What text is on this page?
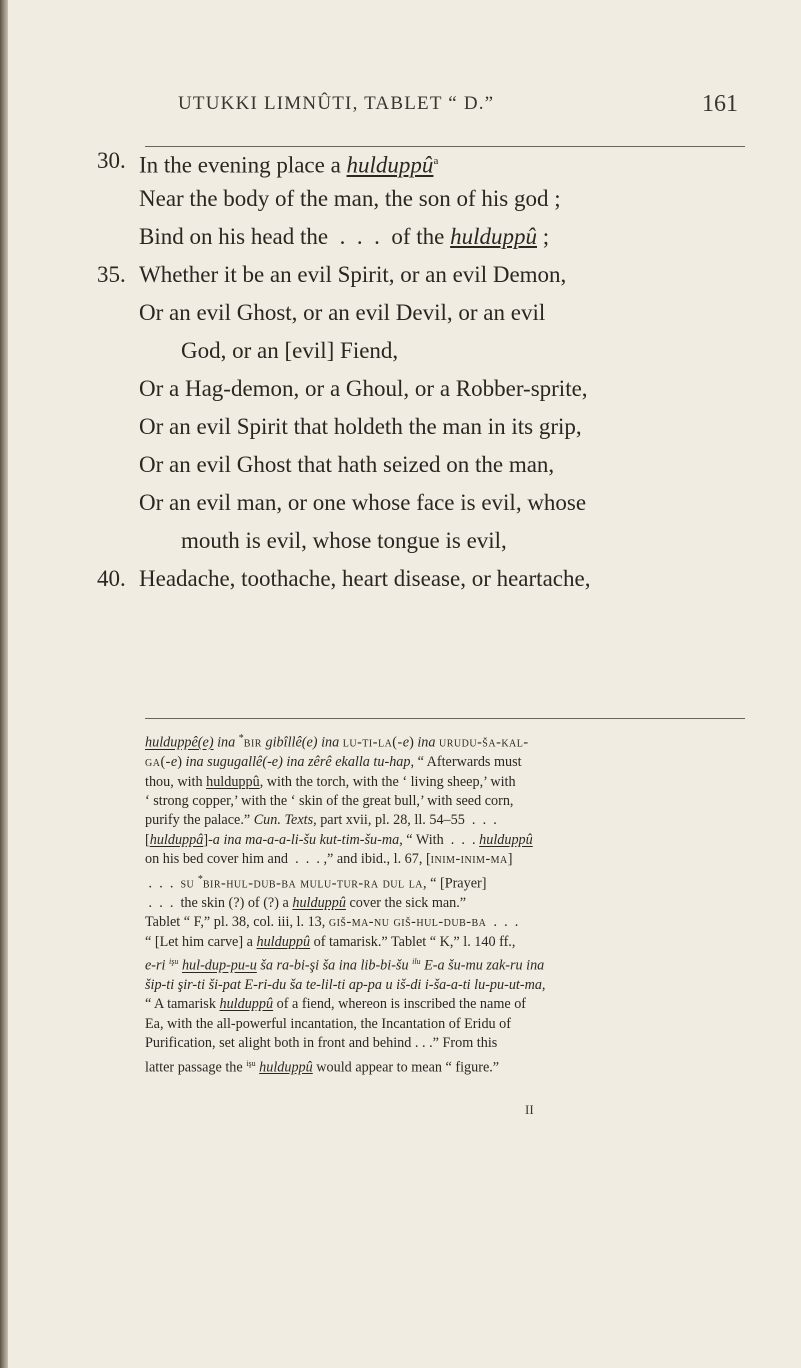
UTUKKI LIMNÛTI, TABLET “ D.”	161
30. In the evening place a hulduppû$^a$
Near the body of the man, the son of his god ;
Bind on his head the  .  .  .  of the hulduppû ;
35. Whether it be an evil Spirit, or an evil Demon,
Or an evil Ghost, or an evil Devil, or an evil
God, or an [evil] Fiend,
Or a Hag-demon, or a Ghoul, or a Robber-sprite,
Or an evil Spirit that holdeth the man in its grip,
Or an evil Ghost that hath seized on the man,
Or an evil man, or one whose face is evil, whose
mouth is evil, whose tongue is evil,
40. Headache, toothache, heart disease, or heartache,
hulduppê(e) ina *bir gibîllê(e) ina lu-ti-la(-e) ina urudu-ša-kal-
ga(-e) ina sugugallê(-e) ina zêrê ekalla tu-hap, “ Afterwards must
thou, with hulduppû, with the torch, with the ‘ living sheep,’ with
‘ strong copper,’ with the ‘ skin of the great bull,’ with seed corn,
purify the palace.” Cun. Texts, part xvii, pl. 28, ll. 54–55  .  .  .
[hulduppâ]-a ina ma-a-a-li-šu kut-tim-šu-ma, “ With  .  .  . hulduppû
on his bed cover him and  .  .  . ,” and ibid., l. 67, [inim-inim-ma]
.  .  .  su *bir-hul-dub-ba mulu-tur-ra dul la, “ [Prayer]
.  .  .  the skin (?) of (?) a hulduppû cover the sick man.”
Tablet “ F,” pl. 38, col. iii, l. 13, giš-ma-nu giš-hul-dub-ba  .  .  .
“ [Let him carve] a hulduppû of tamarisk.” Tablet “ K,” l. 140 ff.,
e-ri $^{işu}$ hul-dup-pu-u ša ra-bi-şi ša ina lib-bi-šu $^{ilu}$ E-a šu-mu zak-ru ina
šip-ti şir-ti ši-pat E-ri-du ša te-lil-ti ap-pa u iš-di i-ša-a-ti lu-pu-ut-ma,
“ A tamarisk hulduppû of a fiend, whereon is inscribed the name of
Ea, with the all-powerful incantation, the Incantation of Eridu of
Purification, set alight both in front and behind . . .” From this
latter passage the $^{işu}$ hulduppû would appear to mean “ figure.”
II
